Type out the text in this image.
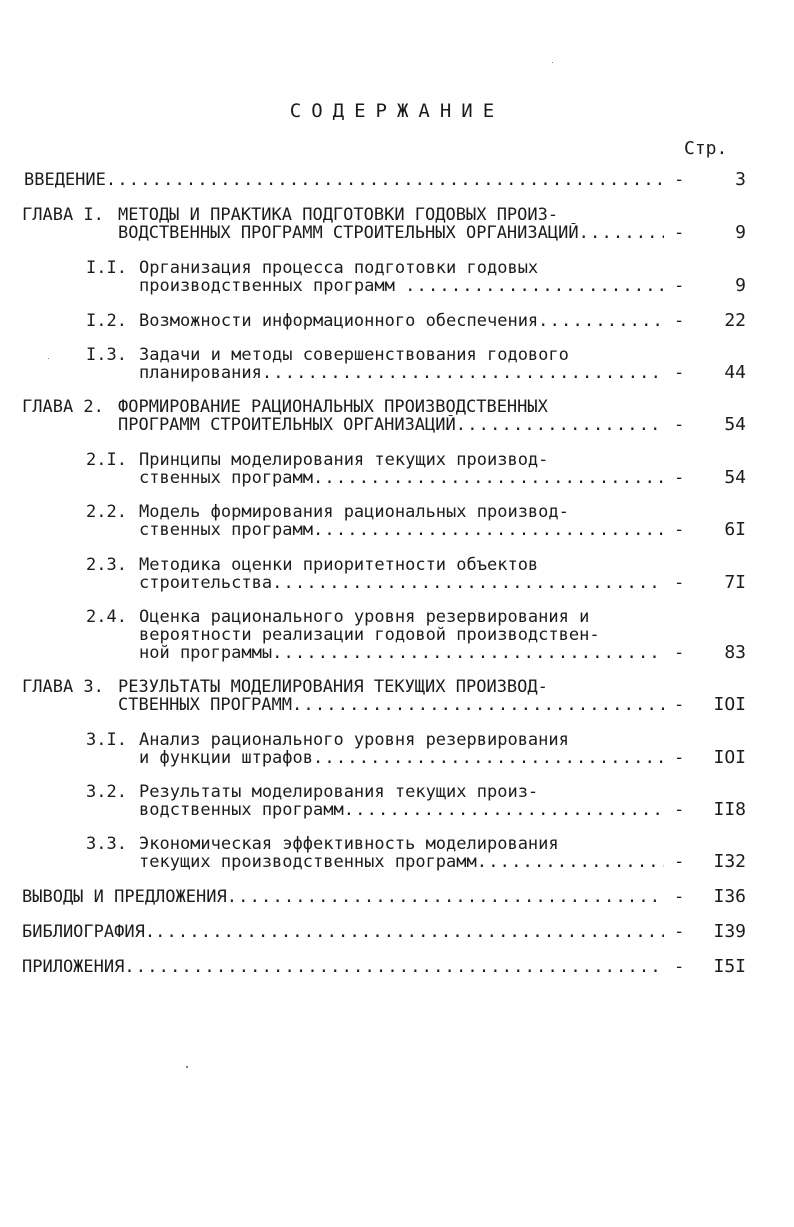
СОДЕРЖАНИЕ
Стр.
ВВЕДЕНИЕ .....	-	3
ГЛАВА I. МЕТОДЫ И ПРАКТИКА ПОДГОТОВКИ ГОДОВЫХ ПРОИЗ-
ВОДСТВЕННЫХ ПРОГРАММ СТРОИТЕЛЬНЫХ ОРГАНИЗАЦИЙ .....	-	9
I.I. Организация процесса подготовки годовых
производственных программ .....	-	9
I.2. Возможности информационного обеспечения .....	-	22
I.3. Задачи и методы совершенствования годового
планирования .....	-	44
ГЛАВА 2. ФОРМИРОВАНИЕ РАЦИОНАЛЬНЫХ ПРОИЗВОДСТВЕННЫХ
ПРОГРАММ СТРОИТЕЛЬНЫХ ОРГАНИЗАЦИЙ .....	-	54
2.I. Принципы моделирования текущих производ-
ственных программ .....	-	54
2.2. Модель формирования рациональных производ-
ственных программ .....	-	6I
2.3. Методика оценки приоритетности объектов
строительства .....	-	7I
2.4. Оценка рационального уровня резервирования и
вероятности реализации годовой производствен-
ной программы .....	-	83
ГЛАВА 3. РЕЗУЛЬТАТЫ МОДЕЛИРОВАНИЯ ТЕКУЩИХ ПРОИЗВОД-
СТВЕННЫХ ПРОГРАММ .....	-	IOI
3.I. Анализ рационального уровня резервирования
и функции штрафов .....	-	IOI
3.2. Результаты моделирования текущих произ-
водственных программ .....	-	II8
3.3. Экономическая эффективность моделирования
текущих производственных программ .....	-	I32
ВЫВОДЫ И ПРЕДЛОЖЕНИЯ .....	-	I36
БИБЛИОГРАФИЯ. .....	-	I39
ПРИЛОЖЕНИЯ .....	-	I5I
